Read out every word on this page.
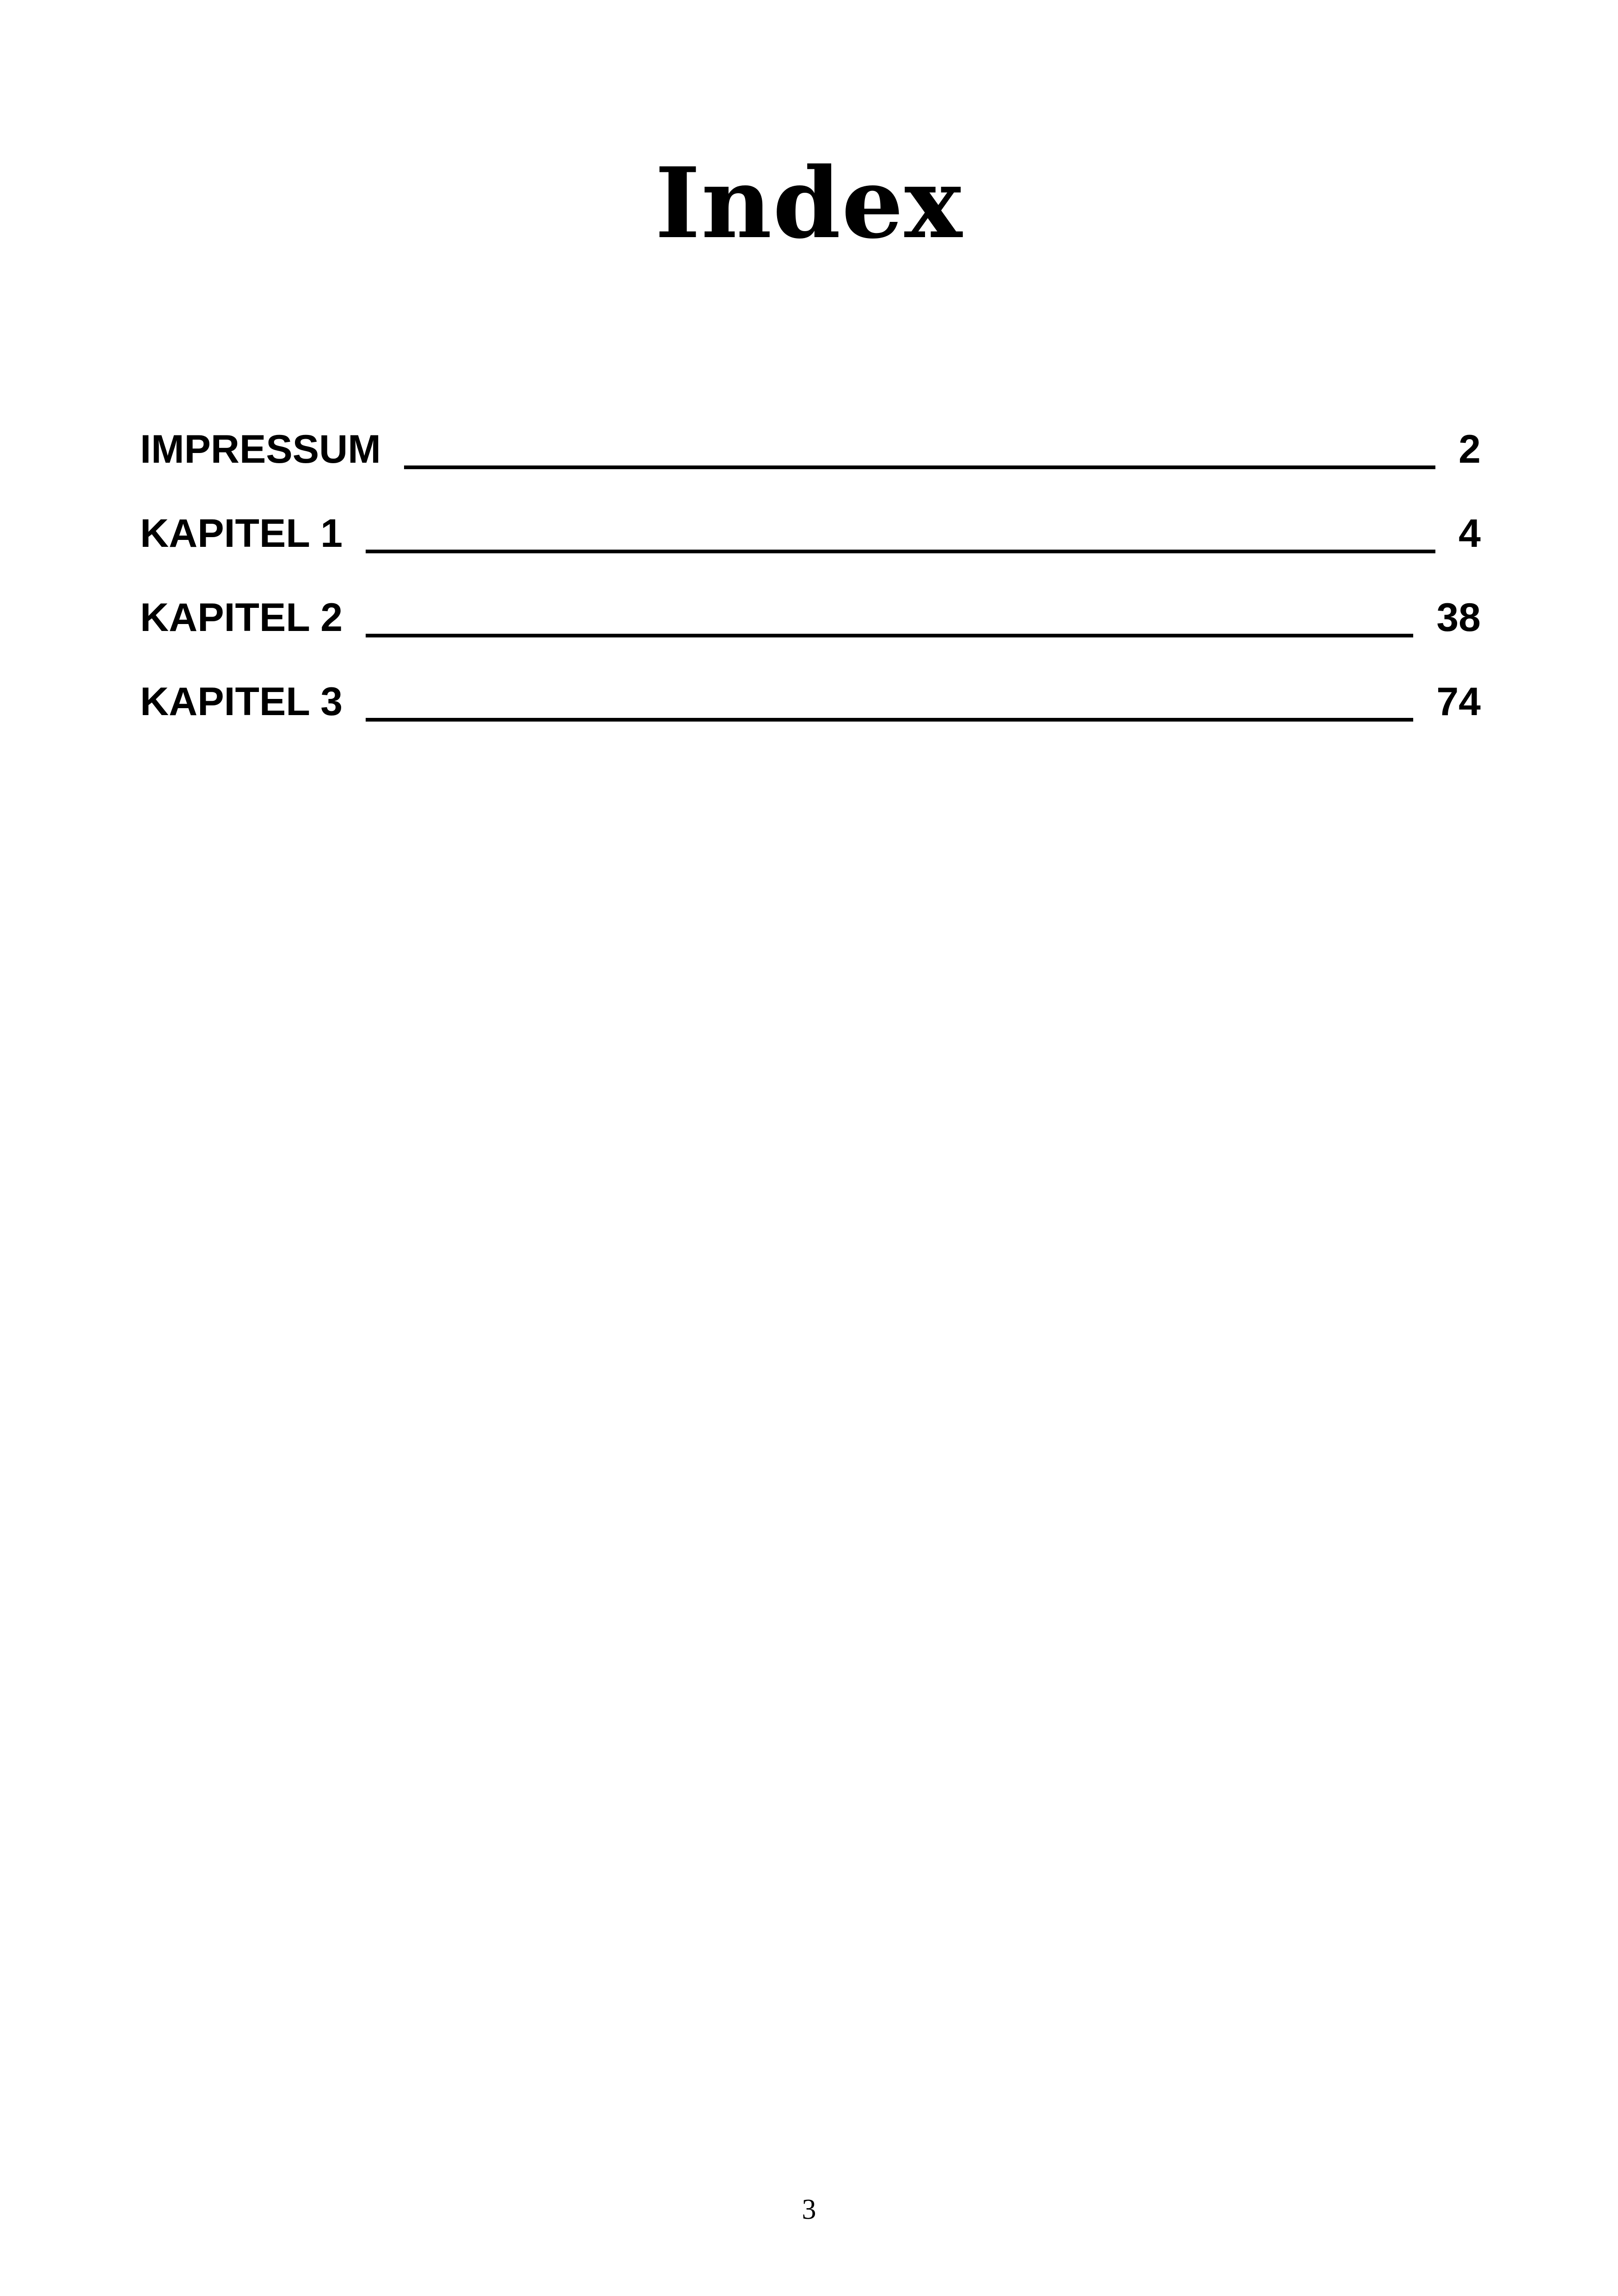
Index
IMPRESSUM	2
KAPITEL 1	4
KAPITEL 2	38
KAPITEL 3	74
3
